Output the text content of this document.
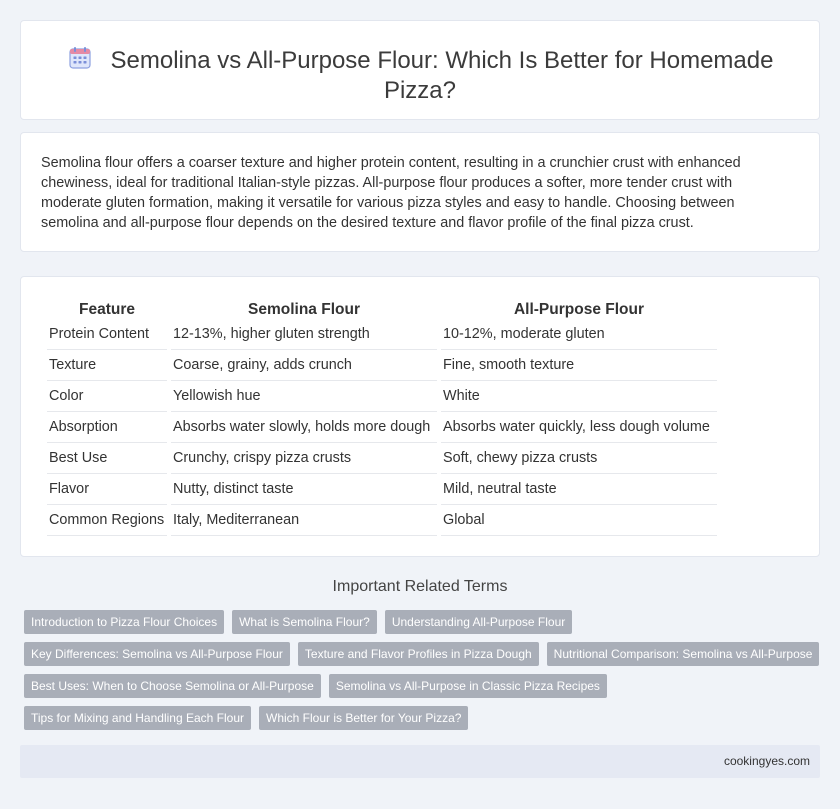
Semolina vs All-Purpose Flour: Which Is Better for Homemade Pizza?

Semolina flour offers a coarser texture and higher protein content, resulting in a crunchier crust with enhanced chewiness, ideal for traditional Italian-style pizzas. All-purpose flour produces a softer, more tender crust with moderate gluten formation, making it versatile for various pizza styles and easy to handle. Choosing between semolina and all-purpose flour depends on the desired texture and flavor profile of the final pizza crust.

Feature	Semolina Flour	All-Purpose Flour
Protein Content	12-13%, higher gluten strength	10-12%, moderate gluten
Texture	Coarse, grainy, adds crunch	Fine, smooth texture
Color	Yellowish hue	White
Absorption	Absorbs water slowly, holds more dough	Absorbs water quickly, less dough volume
Best Use	Crunchy, crispy pizza crusts	Soft, chewy pizza crusts
Flavor	Nutty, distinct taste	Mild, neutral taste
Common Regions	Italy, Mediterranean	Global
Important Related Terms
Introduction to Pizza Flour Choices	What is Semolina Flour?	Understanding All-Purpose Flour
Key Differences: Semolina vs All-Purpose Flour	Texture and Flavor Profiles in Pizza Dough	Nutritional Comparison: Semolina vs All-Purpose
Best Uses: When to Choose Semolina or All-Purpose	Semolina vs All-Purpose in Classic Pizza Recipes
Tips for Mixing and Handling Each Flour	Which Flour is Better for Your Pizza?
cookingyes.com
